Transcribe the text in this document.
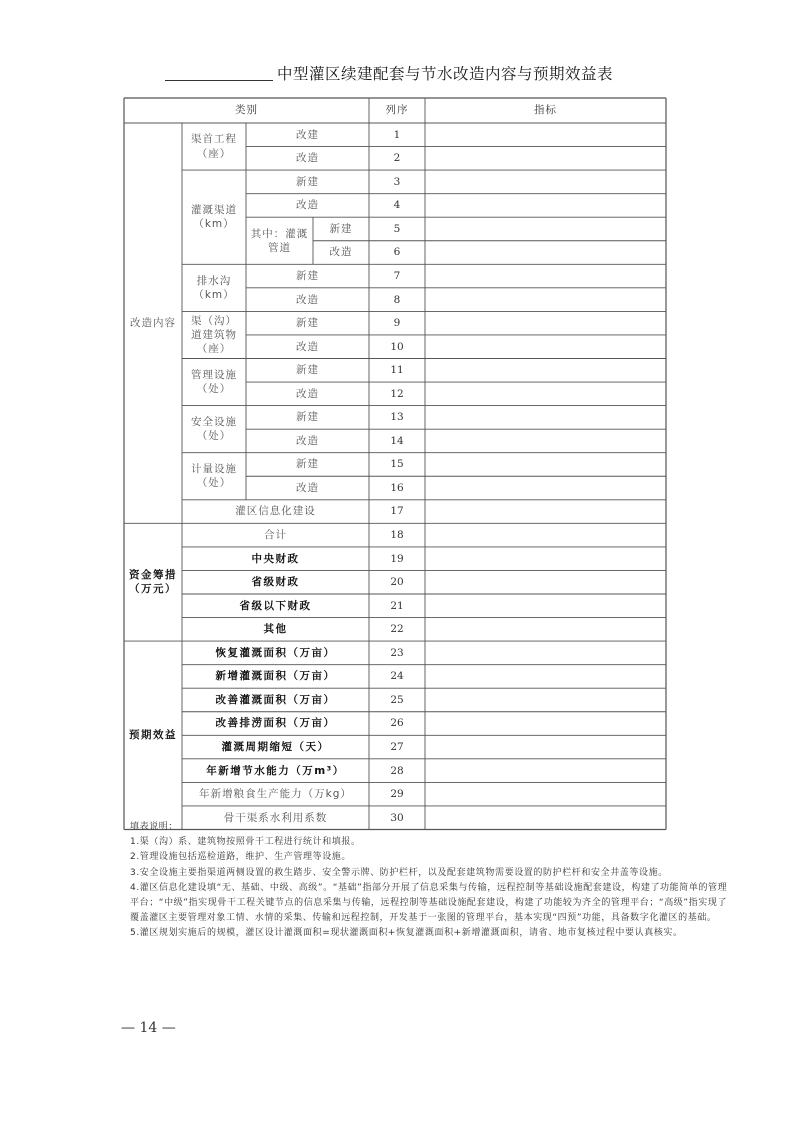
中型灌区续建配套与节水改造内容与预期效益表
类别	列序	指标
改造内容
资金筹措
（万元）
预期效益
渠首工程
（座）
灌溉渠道
（km）
排水沟
（km）
渠（沟）
道建筑物
（座）
管理设施
（处）
安全设施
（处）
计量设施
（处）
改建
改造
新建
改造
新建
改造
新建
改造
新建
改造
新建
改造
新建
改造
其中：灌溉
管道
新建
改造
灌区信息化建设
合计
中央财政
省级财政
省级以下财政
其他
恢复灌溉面积（万亩）
新增灌溉面积（万亩）
改善灌溉面积（万亩）
改善排涝面积（万亩）
灌溉周期缩短（天）
年新增节水能力（万m³）
年新增粮食生产能力（万kg）
骨干渠系水利用系数
1
2
3
4
5
6
7
8
9
10
11
12
13
14
15
16
17
18
19
20
21
22
23
24
25
26
27
28
29
30
填表说明：
1.渠（沟）系、建筑物按照骨干工程进行统计和填报。
2.管理设施包括巡检道路，维护、生产管理等设施。
3.安全设施主要指渠道两侧设置的救生踏步、安全警示牌、防护栏杆，以及配套建筑物需要设置的防护栏杆和安全井盖等设施。
4.灌区信息化建设填“无、基础、中级、高级”。“基础”指部分开展了信息采集与传输，远程控制等基础设施配套建设，构建了功能简单的管理平台；“中级”指实现骨干工程关键节点的信息采集与传输，远程控制等基础设施配套建设，构建了功能较为齐全的管理平台；“高级”指实现了覆盖灌区主要管理对象工情、水情的采集、传输和远程控制，开发基于一张图的管理平台，基本实现“四预”功能，具备数字化灌区的基础。
5.灌区规划实施后的规模，灌区设计灌溉面积=现状灌溉面积+恢复灌溉面积+新增灌溉面积，请省、地市复核过程中要认真核实。
— 14 —
